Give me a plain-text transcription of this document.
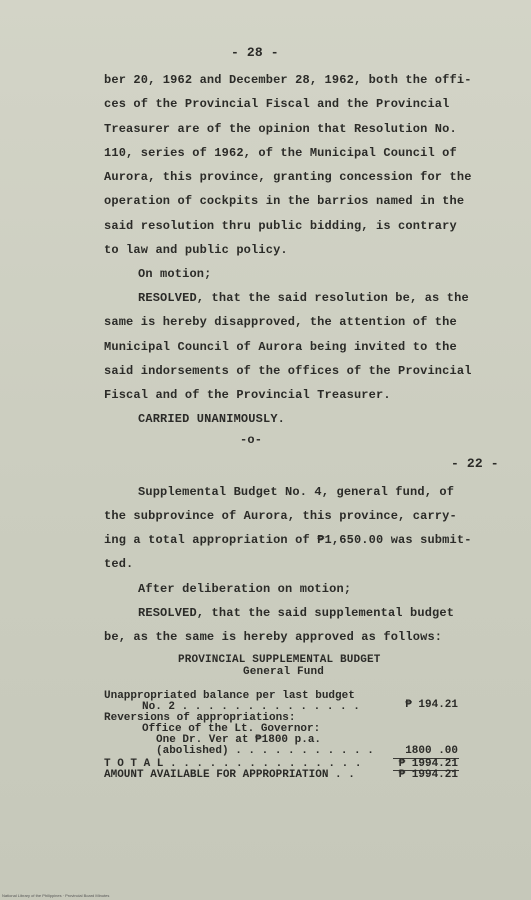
- 28 -
ber 20, 1962 and December 28, 1962, both the offi-
ces of the Provincial Fiscal and the Provincial
Treasurer are of the opinion that Resolution No.
110, series of 1962, of the Municipal Council of
Aurora, this province, granting concession for the
operation of cockpits in the barrios named in the
said resolution thru public bidding, is contrary
to law and public policy.
On motion;
RESOLVED, that the said resolution be, as the
same is hereby disapproved, the attention of the
Municipal Council of Aurora being invited to the
said indorsements of the offices of the Provincial
Fiscal and of the Provincial Treasurer.
CARRIED UNANIMOUSLY.
-o-
- 22 -
Supplemental Budget No. 4, general fund, of
the subprovince of Aurora, this province, carry-
ing a total appropriation of ₱1,650.00 was submit-
ted.
After deliberation on motion;
RESOLVED, that the said supplemental budget
be, as the same is hereby approved as follows:
PROVINCIAL SUPPLEMENTAL BUDGET
General Fund
Unappropriated balance per last budget
No. 2 . . . . . . . . . . . . . .	₱ 194.21
Reversions of appropriations:
Office of the Lt. Governor:
One Dr. Ver at ₱1800 p.a.
(abolished) . . . . . . . . . . .	1800 .00
T O T A L . . . . . . . . . . . . . . .	₱ 1994.21
AMOUNT AVAILABLE FOR APPROPRIATION . .	₱ 1994.21
National Library of the Philippines · Provincial Board Minutes
